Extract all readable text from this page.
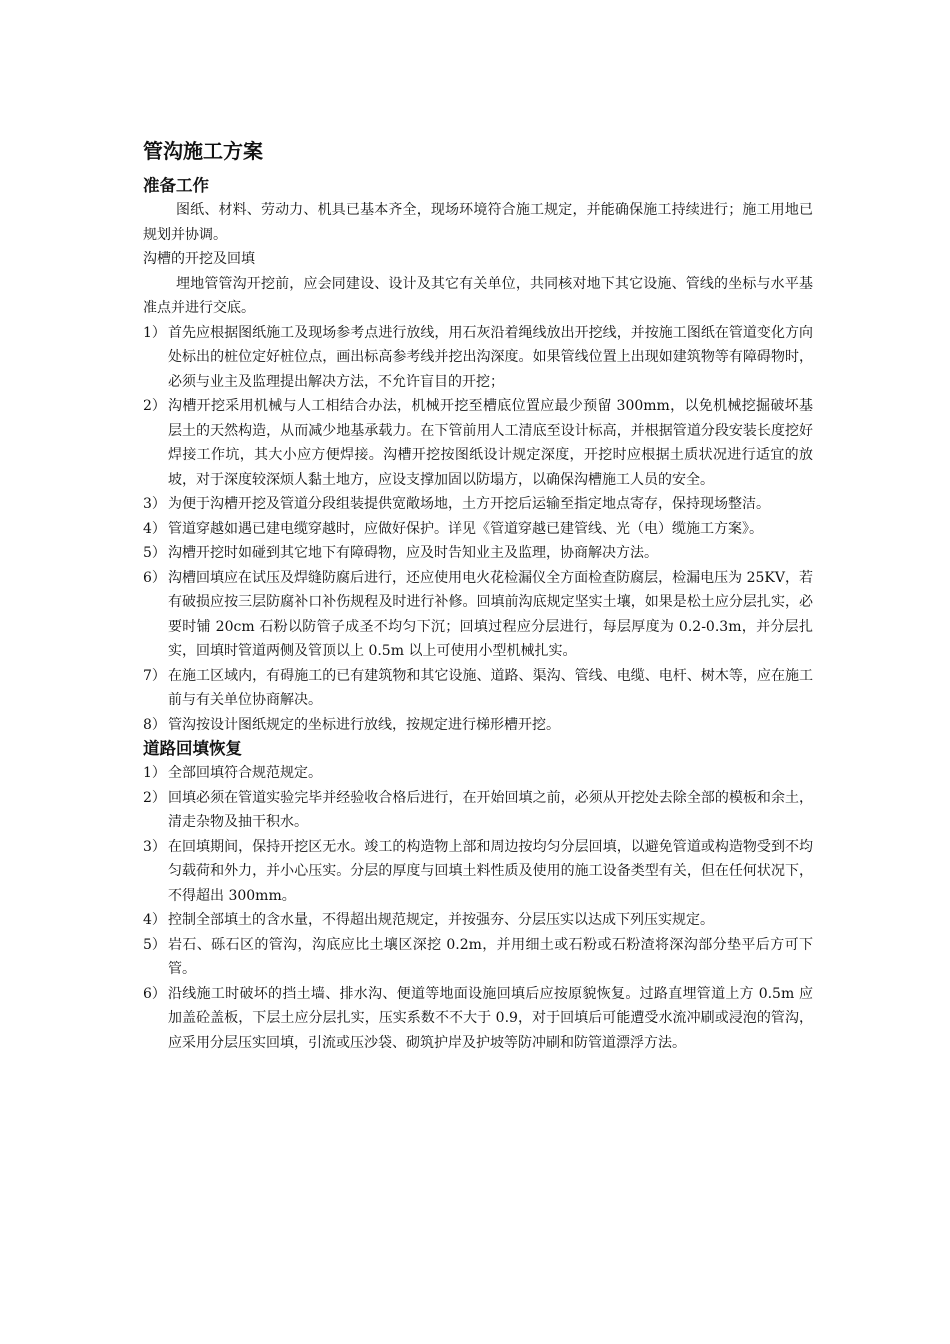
管沟施工方案
准备工作

图纸、材料、劳动力、机具已基本齐全，现场环境符合施工规定，并能确保施工持续进行；施工用地已规划并协调。

沟槽的开挖及回填

埋地管管沟开挖前，应会同建设、设计及其它有关单位，共同核对地下其它设施、管线的坐标与水平基准点并进行交底。

1） 首先应根据图纸施工及现场参考点进行放线，用石灰沿着绳线放出开挖线，并按施工图纸在管道变化方向处标出的桩位定好桩位点，画出标高参考线并挖出沟深度。如果管线位置上出现如建筑物等有障碍物时，必须与业主及监理提出解决方法，不允许盲目的开挖；
2） 沟槽开挖采用机械与人工相结合办法，机械开挖至槽底位置应最少预留 300mm，以免机械挖掘破坏基层土的天然构造，从而减少地基承载力。在下管前用人工清底至设计标高，并根据管道分段安装长度挖好焊接工作坑，其大小应方便焊接。沟槽开挖按图纸设计规定深度，开挖时应根据土质状况进行适宜的放坡，对于深度较深烦人黏土地方，应设支撑加固以防塌方，以确保沟槽施工人员的安全。
3） 为便于沟槽开挖及管道分段组装提供宽敞场地，土方开挖后运输至指定地点寄存，保持现场整洁。
4） 管道穿越如遇已建电缆穿越时，应做好保护。详见《管道穿越已建管线、光（电）缆施工方案》。
5） 沟槽开挖时如碰到其它地下有障碍物，应及时告知业主及监理，协商解决方法。
6） 沟槽回填应在试压及焊缝防腐后进行，还应使用电火花检漏仪全方面检查防腐层，检漏电压为 25KV，若有破损应按三层防腐补口补伤规程及时进行补修。回填前沟底规定坚实土壤，如果是松土应分层扎实，必要时铺 20cm 石粉以防管子成圣不均匀下沉；回填过程应分层进行，每层厚度为 0.2-0.3m，并分层扎实，回填时管道两侧及管顶以上 0.5m 以上可使用小型机械扎实。
7） 在施工区域内，有碍施工的已有建筑物和其它设施、道路、渠沟、管线、电缆、电杆、树木等，应在施工前与有关单位协商解决。
8） 管沟按设计图纸规定的坐标进行放线，按规定进行梯形槽开挖。
道路回填恢复
1） 全部回填符合规范规定。
2） 回填必须在管道实验完毕并经验收合格后进行，在开始回填之前，必须从开挖处去除全部的模板和余土，清走杂物及抽干积水。
3） 在回填期间，保持开挖区无水。竣工的构造物上部和周边按均匀分层回填，以避免管道或构造物受到不均匀载荷和外力，并小心压实。分层的厚度与回填土料性质及使用的施工设备类型有关，但在任何状况下，不得超出 300mm。
4） 控制全部填土的含水量，不得超出规范规定，并按强夯、分层压实以达成下列压实规定。
5） 岩石、砾石区的管沟，沟底应比土壤区深挖 0.2m，并用细土或石粉或石粉渣将深沟部分垫平后方可下管。
6） 沿线施工时破坏的挡土墙、排水沟、便道等地面设施回填后应按原貌恢复。过路直埋管道上方 0.5m 应加盖砼盖板，下层土应分层扎实，压实系数不不大于 0.9，对于回填后可能遭受水流冲刷或浸泡的管沟，应采用分层压实回填，引流或压沙袋、砌筑护岸及护坡等防冲刷和防管道漂浮方法。
